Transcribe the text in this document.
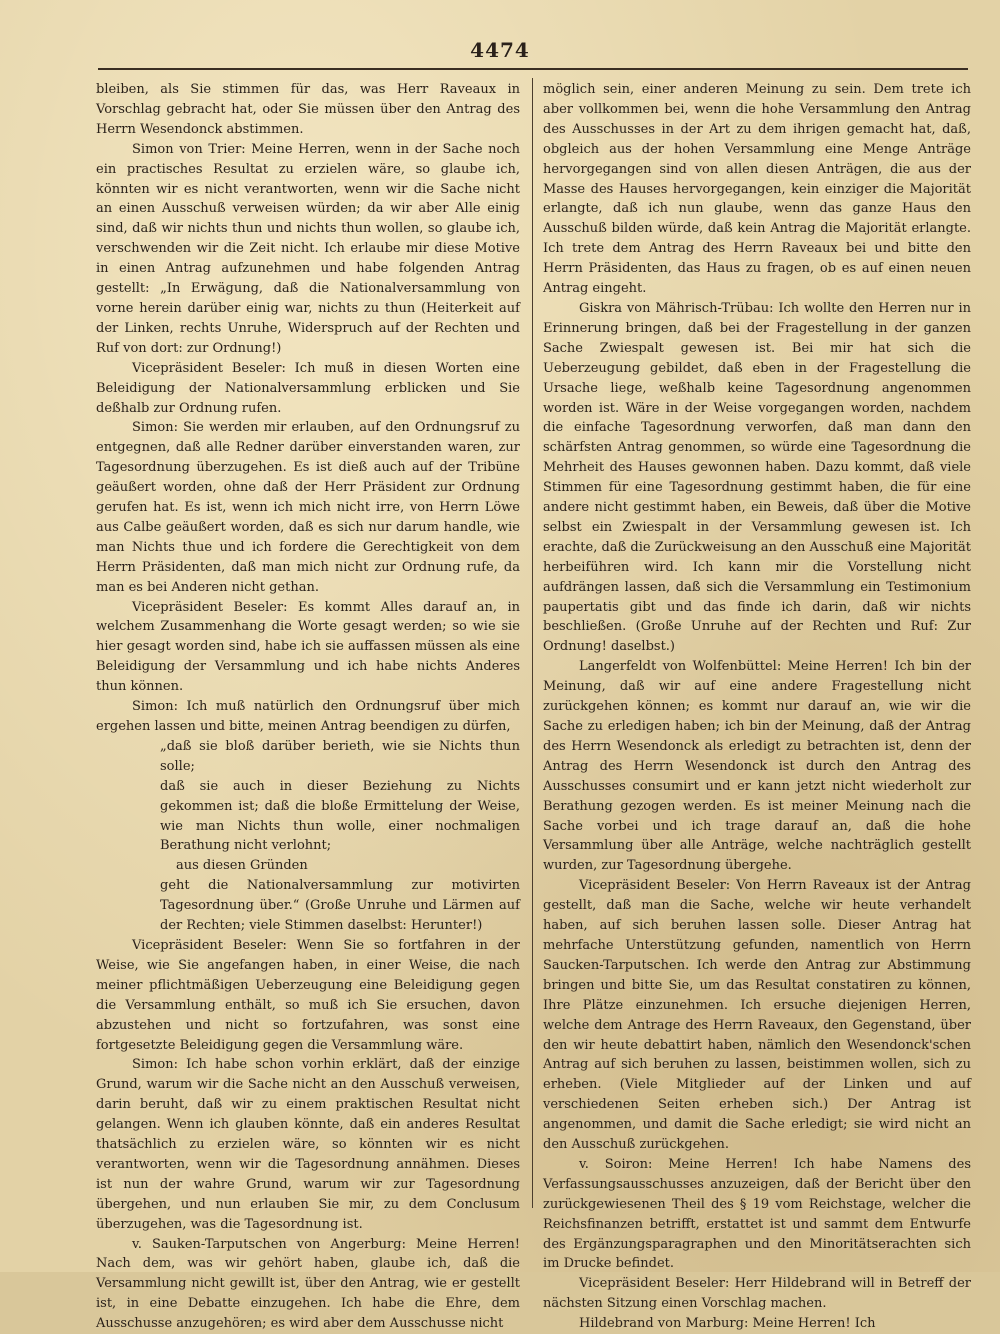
4474

bleiben, als Sie stimmen für das, was Herr Raveaux in Vorschlag gebracht hat, oder Sie müssen über den Antrag des Herrn Wesendonck abstimmen.

Simon von Trier: Meine Herren, wenn in der Sache noch ein practisches Resultat zu erzielen wäre, so glaube ich, könnten wir es nicht verantworten, wenn wir die Sache nicht an einen Ausschuß verweisen würden; da wir aber Alle einig sind, daß wir nichts thun und nichts thun wollen, so glaube ich, verschwenden wir die Zeit nicht. Ich erlaube mir diese Motive in einen Antrag aufzunehmen und habe folgenden Antrag gestellt: „In Erwägung, daß die Nationalversammlung von vorne herein darüber einig war, nichts zu thun (Heiterkeit auf der Linken, rechts Unruhe, Widerspruch auf der Rechten und Ruf von dort: zur Ordnung!)

Vicepräsident Beseler: Ich muß in diesen Worten eine Beleidigung der Nationalversammlung erblicken und Sie deßhalb zur Ordnung rufen.

Simon: Sie werden mir erlauben, auf den Ordnungsruf zu entgegnen, daß alle Redner darüber einverstanden waren, zur Tagesordnung überzugehen. Es ist dieß auch auf der Tribüne geäußert worden, ohne daß der Herr Präsident zur Ordnung gerufen hat. Es ist, wenn ich mich nicht irre, von Herrn Löwe aus Calbe geäußert worden, daß es sich nur darum handle, wie man Nichts thue und ich fordere die Gerechtigkeit von dem Herrn Präsidenten, daß man mich nicht zur Ordnung rufe, da man es bei Anderen nicht gethan.

Vicepräsident Beseler: Es kommt Alles darauf an, in welchem Zusammenhang die Worte gesagt werden; so wie sie hier gesagt worden sind, habe ich sie auffassen müssen als eine Beleidigung der Versammlung und ich habe nichts Anderes thun können.

Simon: Ich muß natürlich den Ordnungsruf über mich ergehen lassen und bitte, meinen Antrag beendigen zu dürfen,

„daß sie bloß darüber berieth, wie sie Nichts thun solle;

daß sie auch in dieser Beziehung zu Nichts gekommen ist; daß die bloße Ermittelung der Weise, wie man Nichts thun wolle, einer nochmaligen Berathung nicht verlohnt;

aus diesen Gründen

geht die Nationalversammlung zur motivirten Tagesordnung über.“ (Große Unruhe und Lärmen auf der Rechten; viele Stimmen daselbst: Herunter!)

Vicepräsident Beseler: Wenn Sie so fortfahren in der Weise, wie Sie angefangen haben, in einer Weise, die nach meiner pflichtmäßigen Ueberzeugung eine Beleidigung gegen die Versammlung enthält, so muß ich Sie ersuchen, davon abzustehen und nicht so fortzufahren, was sonst eine fortgesetzte Beleidigung gegen die Versammlung wäre.

Simon: Ich habe schon vorhin erklärt, daß der einzige Grund, warum wir die Sache nicht an den Ausschuß verweisen, darin beruht, daß wir zu einem praktischen Resultat nicht gelangen. Wenn ich glauben könnte, daß ein anderes Resultat thatsächlich zu erzielen wäre, so könnten wir es nicht verantworten, wenn wir die Tagesordnung annähmen. Dieses ist nun der wahre Grund, warum wir zur Tagesordnung übergehen, und nun erlauben Sie mir, zu dem Conclusum überzugehen, was die Tagesordnung ist.

v. Sauken-Tarputschen von Angerburg: Meine Herren! Nach dem, was wir gehört haben, glaube ich, daß die Versammlung nicht gewillt ist, über den Antrag, wie er gestellt ist, in eine Debatte einzugehen. Ich habe die Ehre, dem Ausschusse anzugehören; es wird aber dem Ausschusse nicht

möglich sein, einer anderen Meinung zu sein. Dem trete ich aber vollkommen bei, wenn die hohe Versammlung den Antrag des Ausschusses in der Art zu dem ihrigen gemacht hat, daß, obgleich aus der hohen Versammlung eine Menge Anträge hervorgegangen sind von allen diesen Anträgen, die aus der Masse des Hauses hervorgegangen, kein einziger die Majorität erlangte, daß ich nun glaube, wenn das ganze Haus den Ausschuß bilden würde, daß kein Antrag die Majorität erlangte. Ich trete dem Antrag des Herrn Raveaux bei und bitte den Herrn Präsidenten, das Haus zu fragen, ob es auf einen neuen Antrag eingeht.

Giskra von Mährisch-Trübau: Ich wollte den Herren nur in Erinnerung bringen, daß bei der Fragestellung in der ganzen Sache Zwiespalt gewesen ist. Bei mir hat sich die Ueberzeugung gebildet, daß eben in der Fragestellung die Ursache liege, weßhalb keine Tagesordnung angenommen worden ist. Wäre in der Weise vorgegangen worden, nachdem die einfache Tagesordnung verworfen, daß man dann den schärfsten Antrag genommen, so würde eine Tagesordnung die Mehrheit des Hauses gewonnen haben. Dazu kommt, daß viele Stimmen für eine Tagesordnung gestimmt haben, die für eine andere nicht gestimmt haben, ein Beweis, daß über die Motive selbst ein Zwiespalt in der Versammlung gewesen ist. Ich erachte, daß die Zurückweisung an den Ausschuß eine Majorität herbeiführen wird. Ich kann mir die Vorstellung nicht aufdrängen lassen, daß sich die Versammlung ein Testimonium paupertatis gibt und das finde ich darin, daß wir nichts beschließen. (Große Unruhe auf der Rechten und Ruf: Zur Ordnung! daselbst.)

Langerfeldt von Wolfenbüttel: Meine Herren! Ich bin der Meinung, daß wir auf eine andere Fragestellung nicht zurückgehen können; es kommt nur darauf an, wie wir die Sache zu erledigen haben; ich bin der Meinung, daß der Antrag des Herrn Wesendonck als erledigt zu betrachten ist, denn der Antrag des Herrn Wesendonck ist durch den Antrag des Ausschusses consumirt und er kann jetzt nicht wiederholt zur Berathung gezogen werden. Es ist meiner Meinung nach die Sache vorbei und ich trage darauf an, daß die hohe Versammlung über alle Anträge, welche nachträglich gestellt wurden, zur Tagesordnung übergehe.

Vicepräsident Beseler: Von Herrn Raveaux ist der Antrag gestellt, daß man die Sache, welche wir heute verhandelt haben, auf sich beruhen lassen solle. Dieser Antrag hat mehrfache Unterstützung gefunden, namentlich von Herrn Saucken-Tarputschen. Ich werde den Antrag zur Abstimmung bringen und bitte Sie, um das Resultat constatiren zu können, Ihre Plätze einzunehmen. Ich ersuche diejenigen Herren, welche dem Antrage des Herrn Raveaux, den Gegenstand, über den wir heute debattirt haben, nämlich den Wesendonck'schen Antrag auf sich beruhen zu lassen, beistimmen wollen, sich zu erheben. (Viele Mitglieder auf der Linken und auf verschiedenen Seiten erheben sich.) Der Antrag ist angenommen, und damit die Sache erledigt; sie wird nicht an den Ausschuß zurückgehen.

v. Soiron: Meine Herren! Ich habe Namens des Verfassungsausschusses anzuzeigen, daß der Bericht über den zurückgewiesenen Theil des § 19 vom Reichstage, welcher die Reichsfinanzen betrifft, erstattet ist und sammt dem Entwurfe des Ergänzungsparagraphen und den Minoritätserachten sich im Drucke befindet.

Vicepräsident Beseler: Herr Hildebrand will in Betreff der nächsten Sitzung einen Vorschlag machen.

Hildebrand von Marburg: Meine Herren! Ich
